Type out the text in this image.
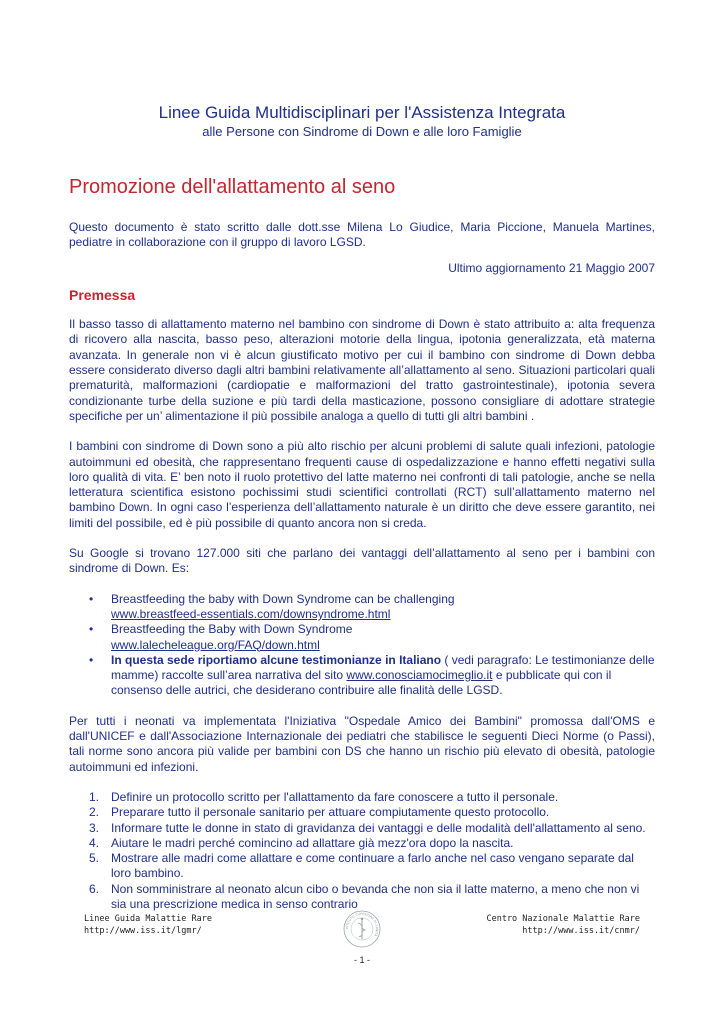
Linee Guida Multidisciplinari per l'Assistenza Integrata
alle Persone con Sindrome di Down e alle loro Famiglie
Promozione dell'allattamento al seno

Questo documento è stato scritto dalle dott.sse Milena Lo Giudice, Maria Piccione, Manuela Martines, pediatre in collaborazione con il gruppo di lavoro LGSD.

Ultimo aggiornamento 21 Maggio 2007

Premessa

Il basso tasso di allattamento materno nel bambino con sindrome di Down è stato attribuito a: alta frequenza di ricovero alla nascita, basso peso, alterazioni motorie della lingua, ipotonia generalizzata, età materna avanzata. In generale non vi è alcun giustificato motivo per cui il bambino con sindrome di Down debba essere considerato diverso dagli altri bambini relativamente all’allattamento al seno. Situazioni particolari quali prematurità, malformazioni (cardiopatie e malformazioni del tratto gastrointestinale), ipotonia severa condizionante turbe della suzione e più tardi della masticazione, possono consigliare di adottare strategie specifiche per un’ alimentazione il più possibile analoga a quello di tutti gli altri bambini .

I bambini con sindrome di Down sono a più alto rischio per alcuni problemi di salute quali infezioni, patologie autoimmuni ed obesità, che rappresentano frequenti cause di ospedalizzazione e hanno effetti negativi sulla loro qualità di vita. E’ ben noto il ruolo protettivo del latte materno nei confronti di tali patologie, anche se nella letteratura scientifica esistono pochissimi studi scientifici controllati (RCT) sull’allattamento materno nel bambino Down. In ogni caso l’esperienza dell’allattamento naturale è un diritto che deve essere garantito, nei limiti del possibile, ed è più possibile di quanto ancora non si creda.

Su Google si trovano 127.000 siti che parlano dei vantaggi dell’allattamento al seno per i bambini con sindrome di Down. Es:

• Breastfeeding the baby with Down Syndrome can be challenging
www.breastfeed-essentials.com/downsyndrome.html
• Breastfeeding the Baby with Down Syndrome
www.lalecheleague.org/FAQ/down.html
• In questa sede riportiamo alcune testimonianze in Italiano ( vedi paragrafo: Le testimonianze delle mamme) raccolte sull’area narrativa del sito www.conosciamocimeglio.it e pubblicate qui con il consenso delle autrici, che desiderano contribuire alle finalità delle LGSD.

Per tutti i neonati va implementata l'Iniziativa "Ospedale Amico dei Bambini" promossa dall'OMS e dall'UNICEF e dall'Associazione Internazionale dei pediatri che stabilisce le seguenti Dieci Norme (o Passi), tali norme sono ancora più valide per bambini con DS che hanno un rischio più elevato di obesità, patologie autoimmuni ed infezioni.

1. Definire un protocollo scritto per l'allattamento da fare conoscere a tutto il personale.
2. Preparare tutto il personale sanitario per attuare compiutamente questo protocollo.
3. Informare tutte le donne in stato di gravidanza dei vantaggi e delle modalità dell'allattamento al seno.
4. Aiutare le madri perché comincino ad allattare già mezz'ora dopo la nascita.
5. Mostrare alle madri come allattare e come continuare a farlo anche nel caso vengano separate dal loro bambino.
6. Non somministrare al neonato alcun cibo o bevanda che non sia il latte materno, a meno che non vi sia una prescrizione medica in senso contrario
Linee Guida Malattie Rare
http://www.iss.it/lgmr/
Centro Nazionale Malattie Rare
http://www.iss.it/cnmr/
ISTITUTO SUPERIORE DI SANITÀ
- 1 -
